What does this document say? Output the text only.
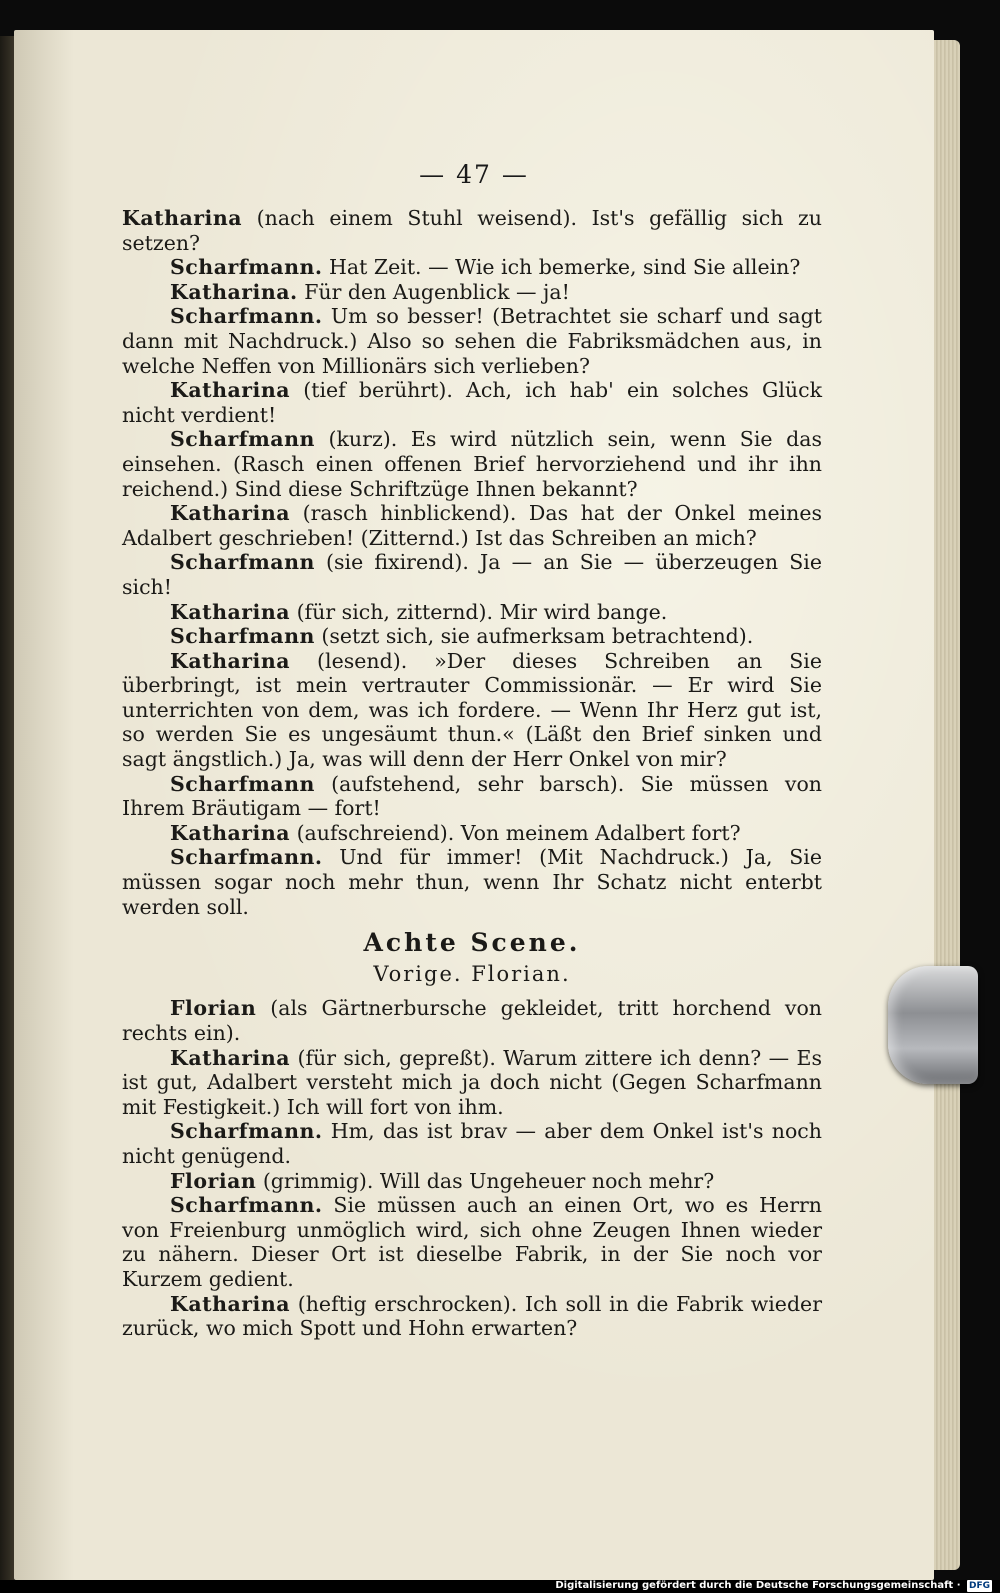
— 47 —

Katharina (nach einem Stuhl weisend). Ist's gefällig sich zu setzen?

Scharfmann. Hat Zeit. — Wie ich bemerke, sind Sie allein?

Katharina. Für den Augenblick — ja!

Scharfmann. Um so besser! (Betrachtet sie scharf und sagt dann mit Nachdruck.) Also so sehen die Fabriksmädchen aus, in welche Neffen von Millionärs sich verlieben?

Katharina (tief berührt). Ach, ich hab' ein solches Glück nicht verdient!

Scharfmann (kurz). Es wird nützlich sein, wenn Sie das einsehen. (Rasch einen offenen Brief hervorziehend und ihr ihn reichend.) Sind diese Schriftzüge Ihnen bekannt?

Katharina (rasch hinblickend). Das hat der Onkel meines Adalbert geschrieben! (Zitternd.) Ist das Schreiben an mich?

Scharfmann (sie fixirend). Ja — an Sie — überzeugen Sie sich!

Katharina (für sich, zitternd). Mir wird bange.

Scharfmann (setzt sich, sie aufmerksam betrachtend).

Katharina (lesend). »Der dieses Schreiben an Sie überbringt, ist mein vertrauter Commissionär. — Er wird Sie unterrichten von dem, was ich fordere. — Wenn Ihr Herz gut ist, so werden Sie es ungesäumt thun.« (Läßt den Brief sinken und sagt ängstlich.) Ja, was will denn der Herr Onkel von mir?

Scharfmann (aufstehend, sehr barsch). Sie müssen von Ihrem Bräutigam — fort!

Katharina (aufschreiend). Von meinem Adalbert fort?

Scharfmann. Und für immer! (Mit Nachdruck.) Ja, Sie müssen sogar noch mehr thun, wenn Ihr Schatz nicht enterbt werden soll.

Achte Scene.
Vorige. Florian.

Florian (als Gärtnerbursche gekleidet, tritt horchend von rechts ein).

Katharina (für sich, gepreßt). Warum zittere ich denn? — Es ist gut, Adalbert versteht mich ja doch nicht (Gegen Scharfmann mit Festigkeit.) Ich will fort von ihm.

Scharfmann. Hm, das ist brav — aber dem Onkel ist's noch nicht genügend.

Florian (grimmig). Will das Ungeheuer noch mehr?

Scharfmann. Sie müssen auch an einen Ort, wo es Herrn von Freienburg unmöglich wird, sich ohne Zeugen Ihnen wieder zu nähern. Dieser Ort ist dieselbe Fabrik, in der Sie noch vor Kurzem gedient.

Katharina (heftig erschrocken). Ich soll in die Fabrik wieder zurück, wo mich Spott und Hohn erwarten?

Digitalisierung gefördert durch die Deutsche Forschungsgemeinschaft · DFG
